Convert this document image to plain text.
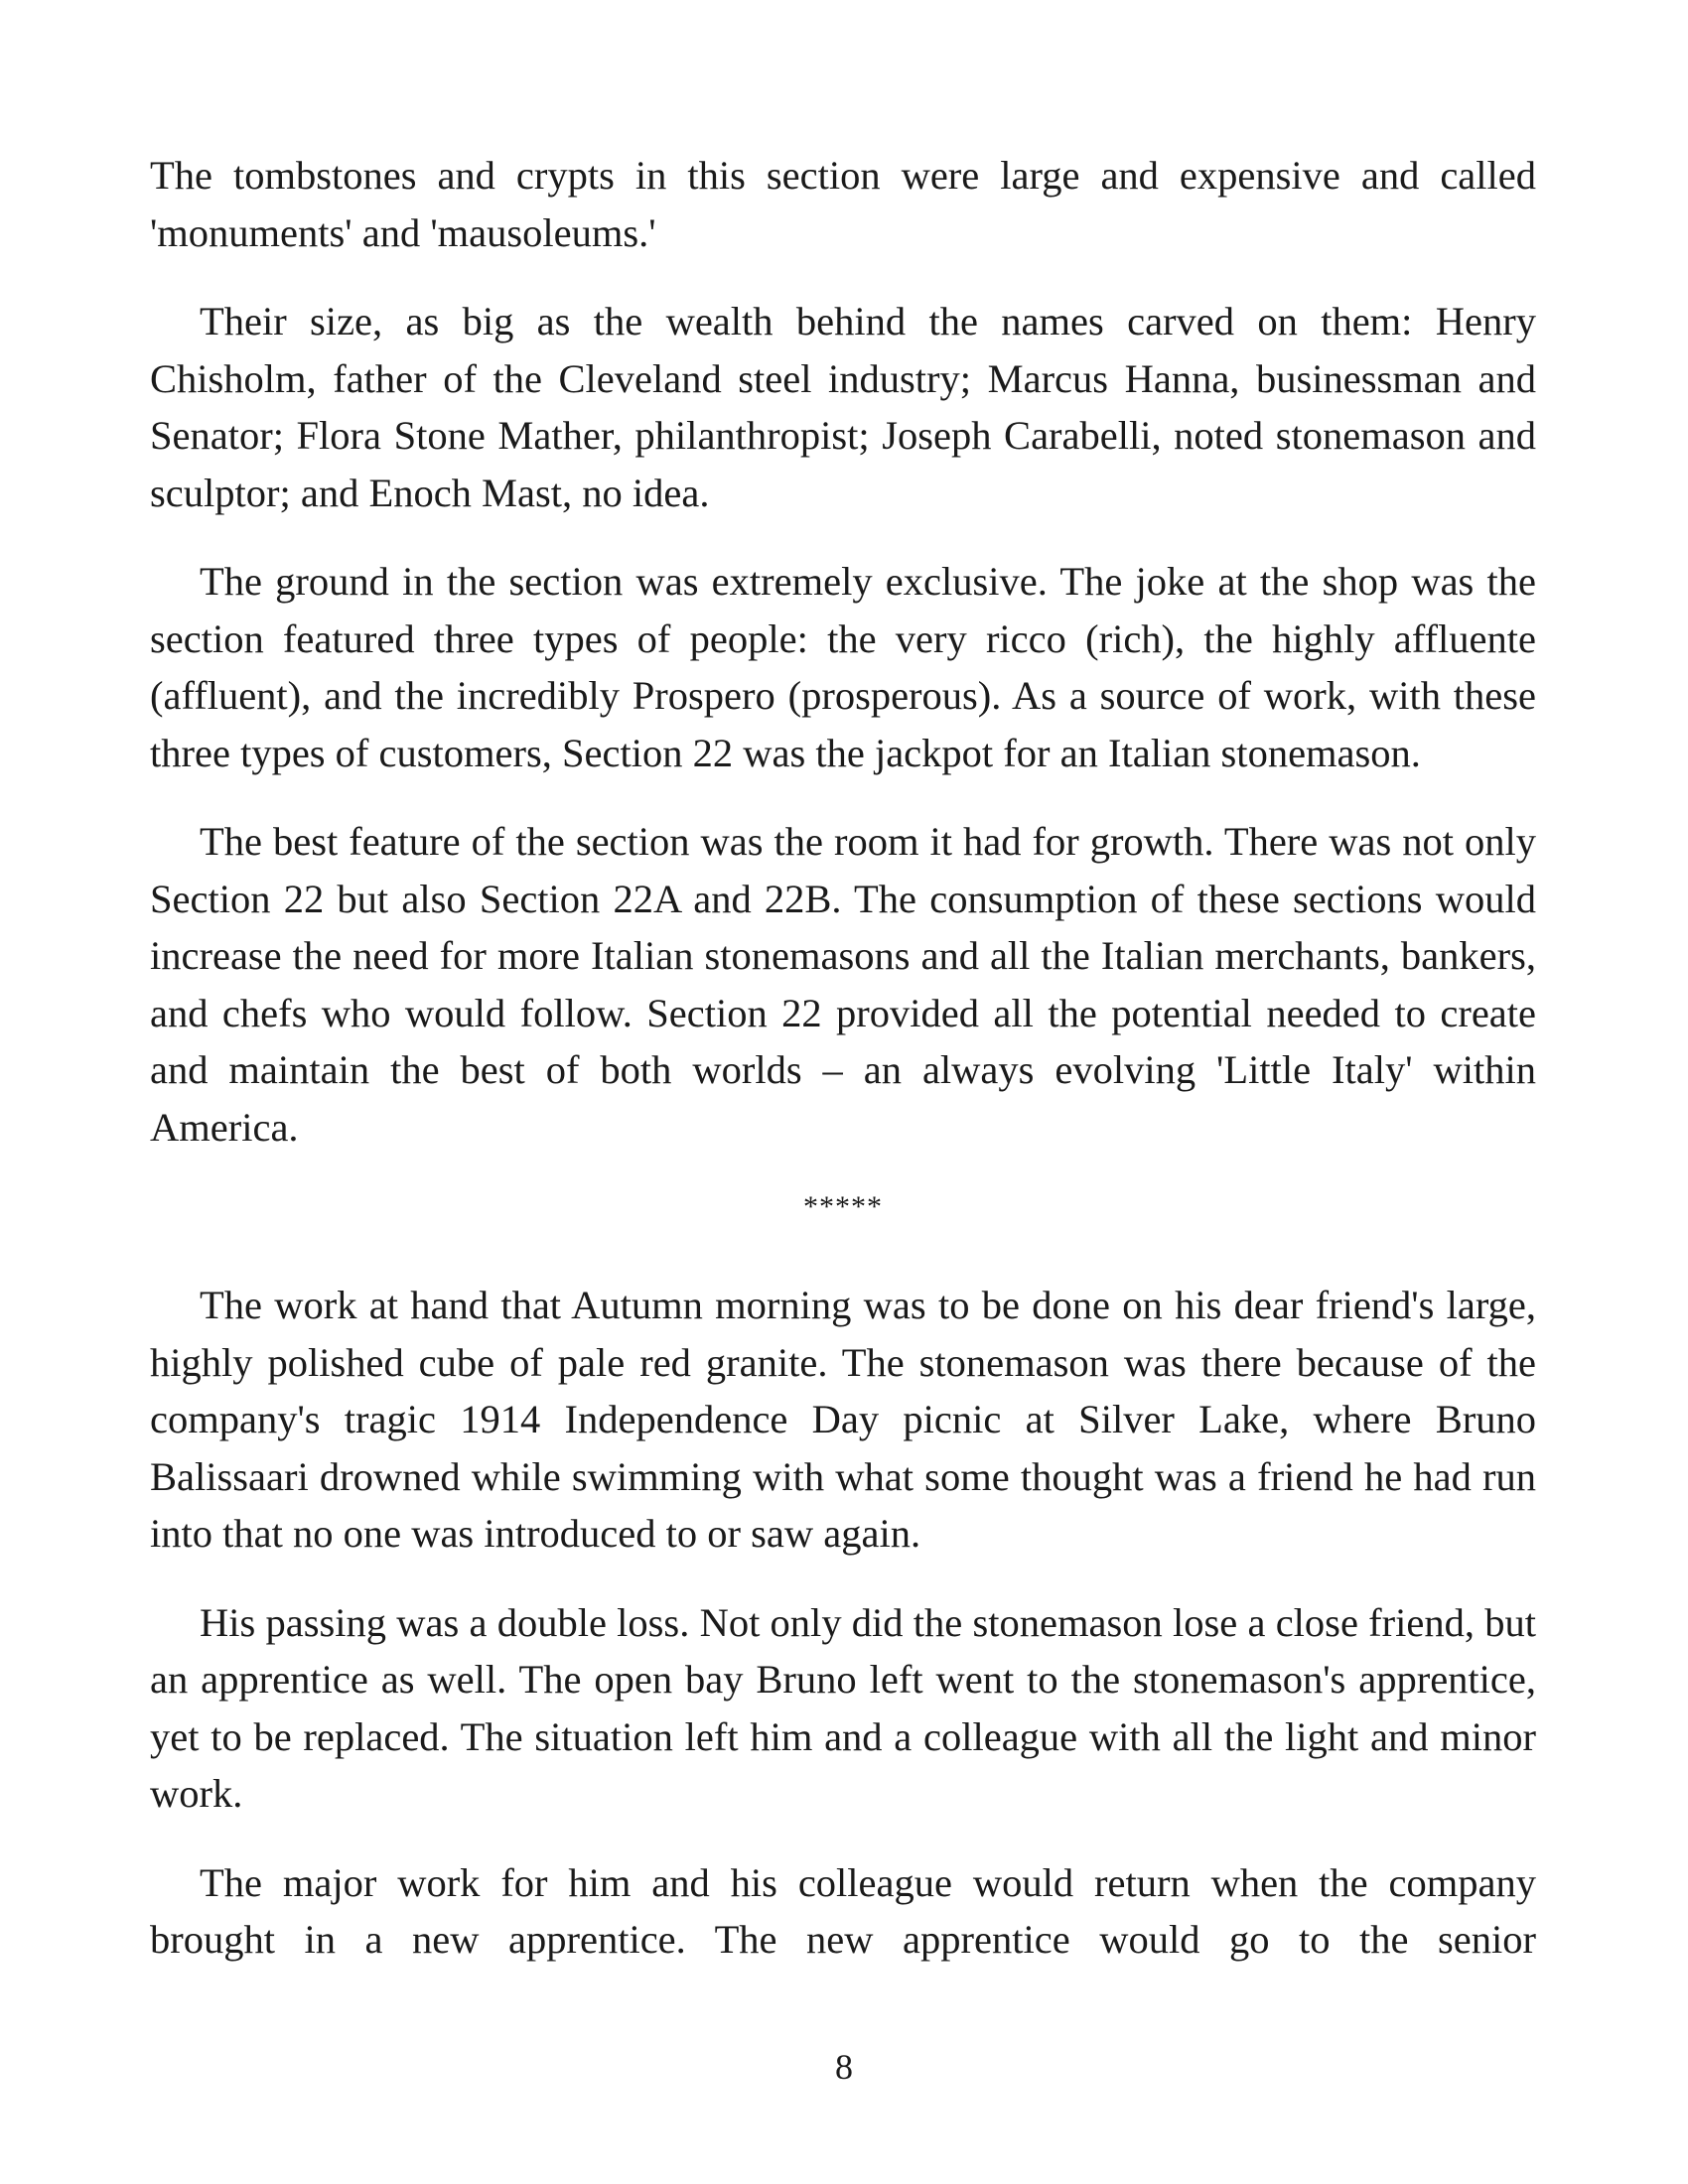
The tombstones and crypts in this section were large and expensive and called 'monuments' and 'mausoleums.'

Their size, as big as the wealth behind the names carved on them: Henry Chisholm, father of the Cleveland steel industry; Marcus Hanna, businessman and Senator; Flora Stone Mather, philanthropist; Joseph Carabelli, noted stonemason and sculptor; and Enoch Mast, no idea.

The ground in the section was extremely exclusive. The joke at the shop was the section featured three types of people: the very ricco (rich), the highly affluente (affluent), and the incredibly Prospero (prosperous). As a source of work, with these three types of customers, Section 22 was the jackpot for an Italian stonemason.

The best feature of the section was the room it had for growth. There was not only Section 22 but also Section 22A and 22B. The consumption of these sections would increase the need for more Italian stonemasons and all the Italian merchants, bankers, and chefs who would follow. Section 22 provided all the potential needed to create and maintain the best of both worlds – an always evolving 'Little Italy' within America.

*****

The work at hand that Autumn morning was to be done on his dear friend's large, highly polished cube of pale red granite. The stonemason was there because of the company's tragic 1914 Independence Day picnic at Silver Lake, where Bruno Balissaari drowned while swimming with what some thought was a friend he had run into that no one was introduced to or saw again.

His passing was a double loss. Not only did the stonemason lose a close friend, but an apprentice as well. The open bay Bruno left went to the stonemason's apprentice, yet to be replaced. The situation left him and a colleague with all the light and minor work.

The major work for him and his colleague would return when the company brought in a new apprentice. The new apprentice would go to the senior

8
